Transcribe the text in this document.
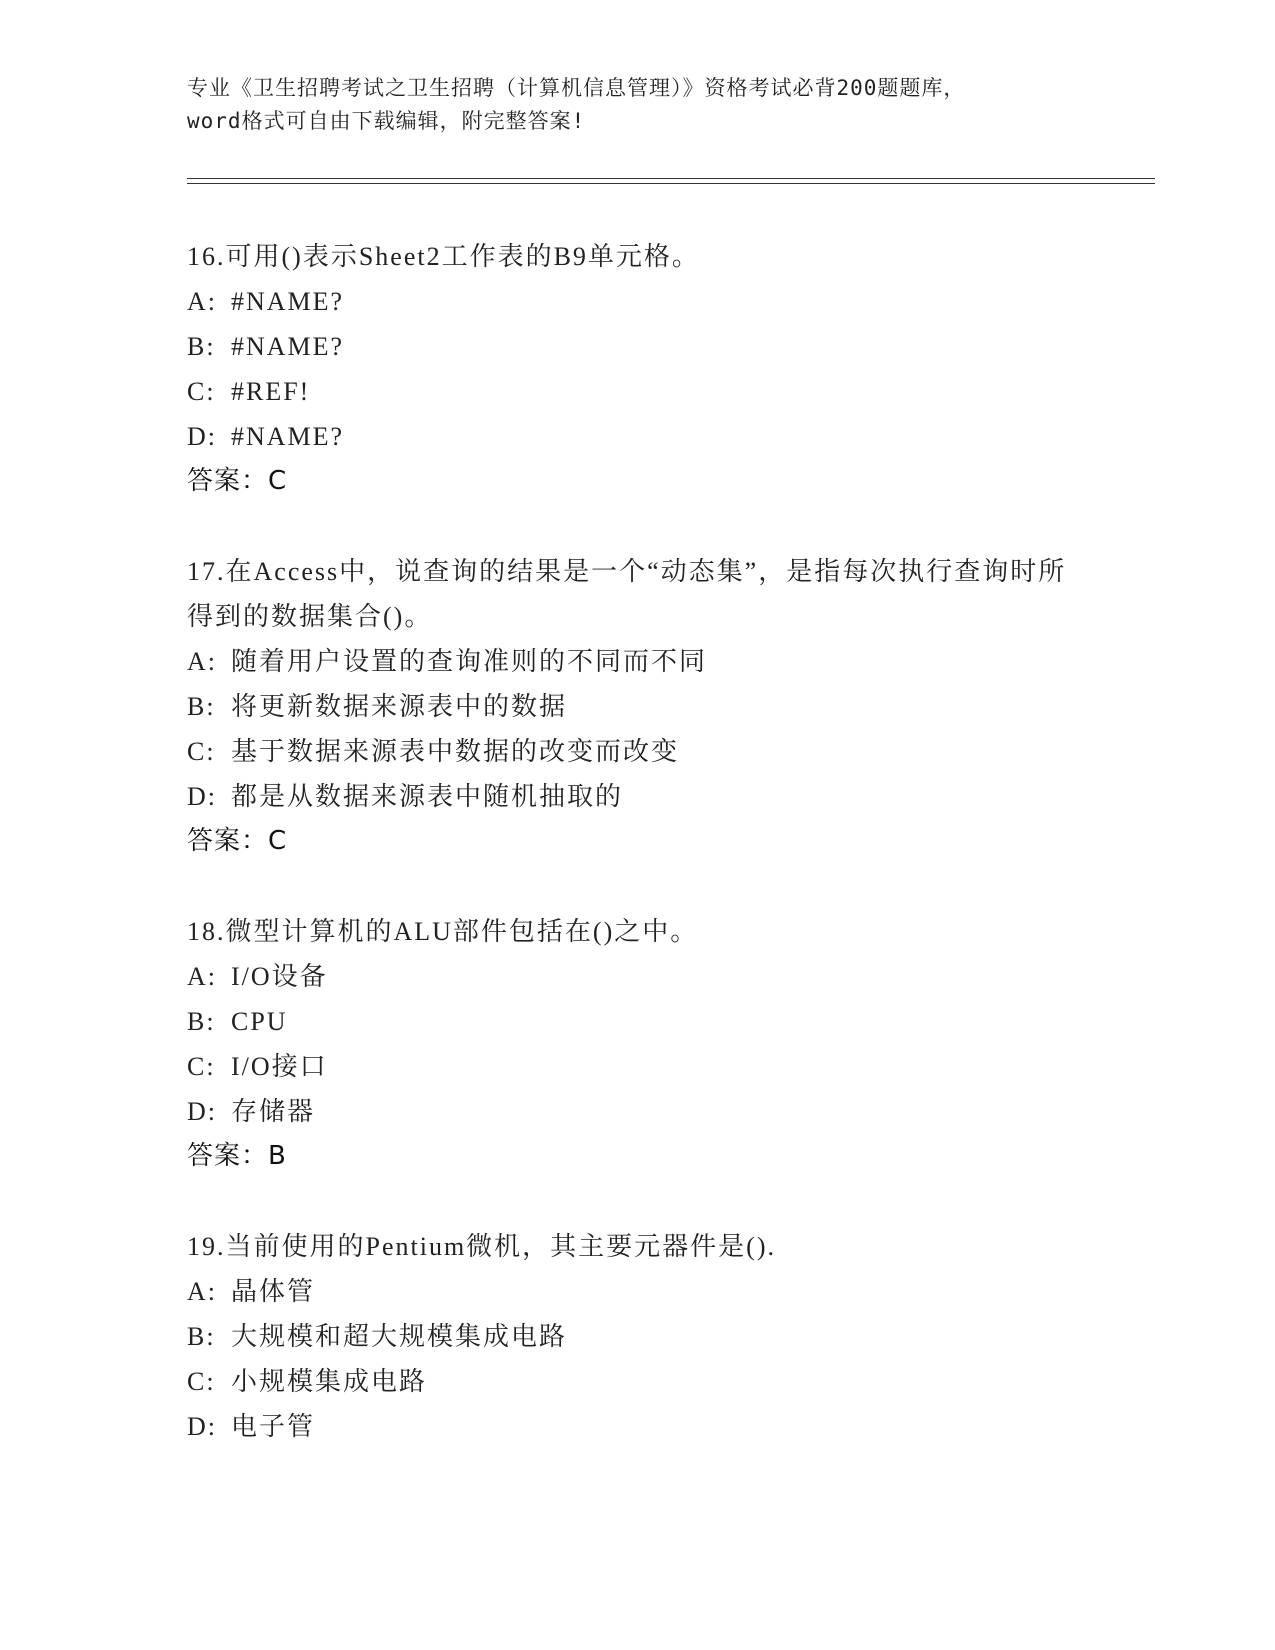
专业《卫生招聘考试之卫生招聘（计算机信息管理）》资格考试必背200题题库，
word格式可自由下载编辑，附完整答案!
16.可用()表示Sheet2工作表的B9单元格。
A: #NAME?
B: #NAME?
C: #REF!
D: #NAME?
答案：C
17.在Access中，说查询的结果是一个“动态集”，是指每次执行查询时所得到的数据集合()。
A: 随着用户设置的查询准则的不同而不同
B: 将更新数据来源表中的数据
C: 基于数据来源表中数据的改变而改变
D: 都是从数据来源表中随机抽取的
答案：C
18.微型计算机的ALU部件包括在()之中。
A: I/O设备
B: CPU
C: I/O接口
D: 存储器
答案：B
19.当前使用的Pentium微机，其主要元器件是().
A: 晶体管
B: 大规模和超大规模集成电路
C: 小规模集成电路
D: 电子管
